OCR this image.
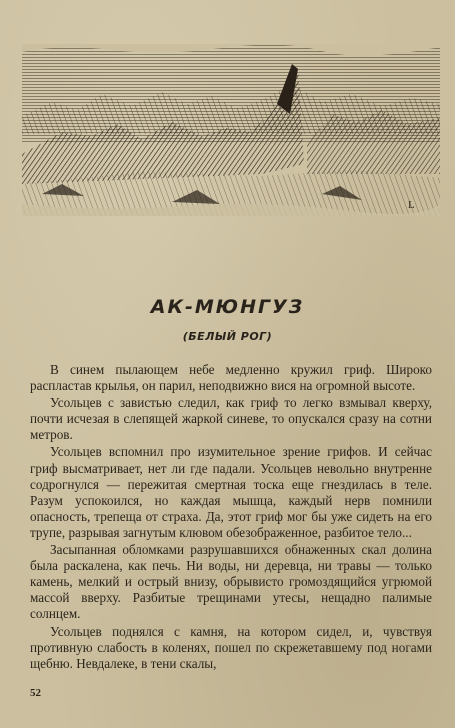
L
АК-МЮНГУЗ
(БЕЛЫЙ РОГ)

В синем пылающем небе медленно кружил гриф. Широко распластав крылья, он парил, неподвижно вися на огромной высоте.

Усольцев с завистью следил, как гриф то легко взмывал кверху, почти исчезая в слепящей жаркой синеве, то опускался сразу на сотни метров.

Усольцев вспомнил про изумительное зрение грифов. И сейчас гриф высматривает, нет ли где падали. Усольцев невольно внутренне содрогнулся — пережитая смертная тоска еще гнездилась в теле. Разум успокоился, но каждая мышца, каждый нерв помнили опасность, трепеща от страха. Да, этот гриф мог бы уже сидеть на его трупе, разрывая загнутым клювом обезображенное, разбитое тело...

Засыпанная обломками разрушавшихся обнаженных скал долина была раскалена, как печь. Ни воды, ни деревца, ни травы — только камень, мелкий и острый внизу, обрывисто громоздящийся угрюмой массой вверху. Разбитые трещинами утесы, нещадно палимые солнцем.

Усольцев поднялся с камня, на котором сидел, и, чувствуя противную слабость в коленях, пошел по скрежетавшему под ногами щебню. Невдалеке, в тени скалы,

52
